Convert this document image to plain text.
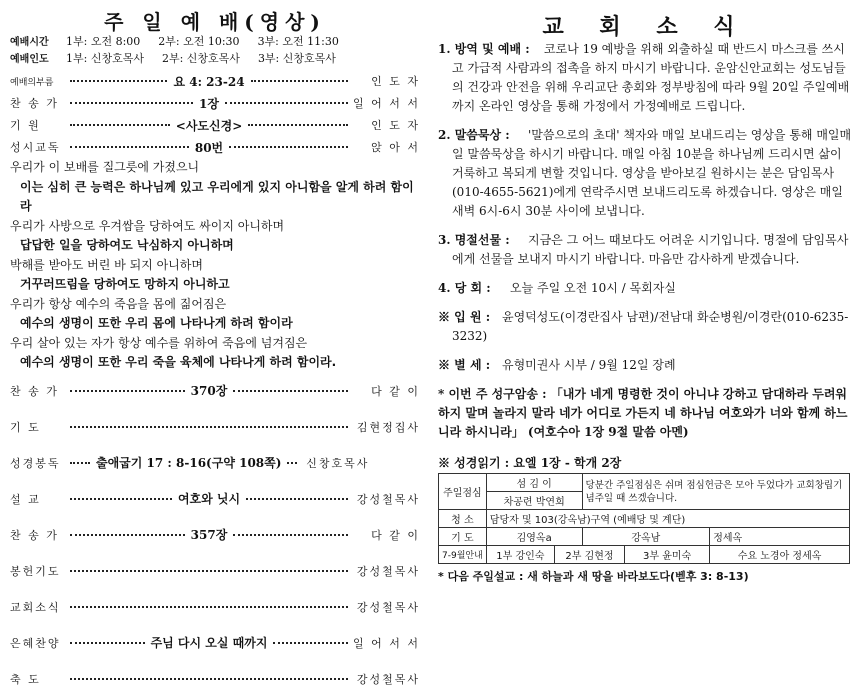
주 일 예 배(영상)
예배시간	1부: 오전 8:00 2부: 오전 10:30 3부: 오전 11:30
예배인도	1부: 신창호목사 2부: 신창호목사 3부: 신창호목사
예배의부름	요 4: 23-24	인 도 자
찬 송 가	1장	일 어 서 서
기 원	<사도신경>	인 도 자
성시교독	80번	앉 아 서
우리가 이 보배를 질그릇에 가졌으니
이는 심히 큰 능력은 하나님께 있고 우리에게 있지 아니함을 알게 하려 함이라
우리가 사방으로 우겨쌈을 당하여도 싸이지 아니하며
답답한 일을 당하여도 낙심하지 아니하며
박해를 받아도 버린 바 되지 아니하며
거꾸러뜨림을 당하여도 망하지 아니하고
우리가 항상 예수의 죽음을 몸에 짊어짐은
예수의 생명이 또한 우리 몸에 나타나게 하려 함이라
우리 살아 있는 자가 항상 예수를 위하여 죽음에 넘겨짐은
예수의 생명이 또한 우리 죽을 육체에 나타나게 하려 함이라.
찬 송 가	370장	다 같 이
기 도	김현정집사
성경봉독	출애굽기 17 : 8-16(구약 108쪽)	신창호목사
설 교	여호와 닛시	강성철목사
찬 송 가	357장	다 같 이
봉헌기도	강성철목사
교회소식	강성철목사
은혜찬양	주님 다시 오실 때까지	일 어 서 서
축 도	강성철목사
교 회 소 식
1. 방역 및 예배 :	코로나 19 예방을 위해 외출하실 때 반드시 마스크를 쓰시고 가급적 사람과의 접촉을 하지 마시기 바랍니다. 운암신안교회는 성도님들의 건강과 안전을 위해 우리교단 총회와 정부방침에 따라 9월 20일 주일예배까지 온라인 영상을 통해 가정에서 가정예배로 드립니다.
2. 말씀묵상 :	'말씀으로의 초대' 책자와 매일 보내드리는 영상을 통해 매일매일 말씀묵상을 하시기 바랍니다. 매일 아침 10분을 하나님께 드리시면 삶이 거룩하고 복되게 변할 것입니다. 영상을 받아보길 원하시는 분은 담임목사(010-4655-5621)에게 연락주시면 보내드리도록 하겠습니다. 영상은 매일 새벽 6시-6시 30분 사이에 보냅니다.
3. 명절선물 :	지금은 그 어느 때보다도 어려운 시기입니다. 명절에 담임목사에게 선물을 보내지 마시기 바랍니다. 마음만 감사하게 받겠습니다.
4. 당 회 :	오늘 주일 오전 10시 / 목회자실
※ 입 원 : 윤영덕성도(이경란집사 남편)/전남대 화순병원/이경란(010-6235-3232)
※ 별 세 : 유형미권사 시부 / 9월 12일 장례
* 이번 주 성구암송 : 「내가 네게 명령한 것이 아니냐 강하고 담대하라 두려워하지 말며 놀라지 말라 네가 어디로 가든지 네 하나님 여호와가 너와 함께 하느니라 하시니라」 (여호수아 1장 9절 말씀 아멘)
※ 성경읽기 : 요엘 1장 - 학개 2장
주일점심	섬 김 이		당분간 주일점심은 쉬며 점심헌금은 모아 두었다가 교회창립기념주일 때 쓰겠습니다.		
	차공련 박연희				
청 소	담당자 및 103(강옥남)구역 (예배당 및 계단)				
기 도	김영옥a		강옥남		정세옥
7-9월안내	1부 강인숙	2부 김현정		3부 윤미숙	수요 노경아 정세옥
* 다음 주일설교 : 새 하늘과 새 땅을 바라보도다(벧후 3: 8-13)
